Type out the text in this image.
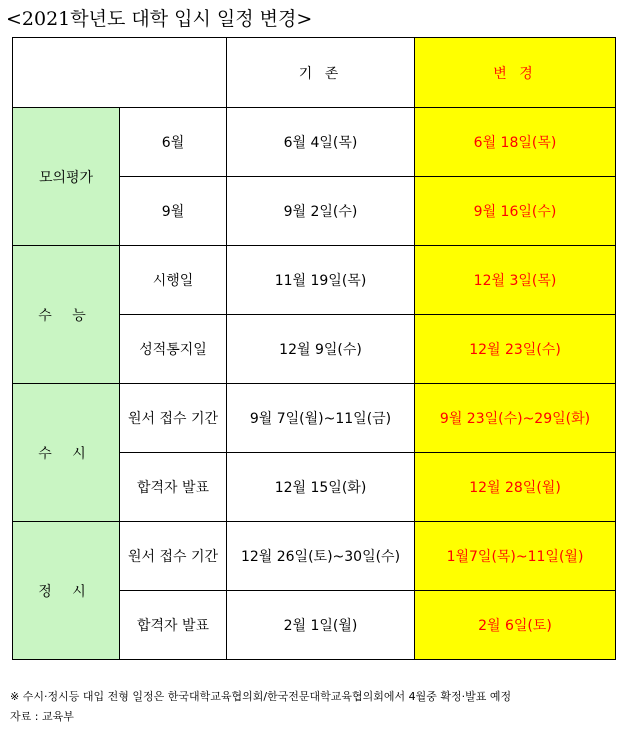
<2021학년도 대학 입시 일정 변경>
		기 존	변 경
모의평가	6월	6월 4일(목)	6월 18일(목)
	9월	9월 2일(수)	9월 16일(수)
수 능	시행일	11월 19일(목)	12월 3일(목)
	성적통지일	12월 9일(수)	12월 23일(수)
수 시	원서 접수 기간	9월 7일(월)~11일(금)	9월 23일(수)~29일(화)
	합격자 발표	12월 15일(화)	12월 28일(월)
정 시	원서 접수 기간	12월 26일(토)~30일(수)	1월7일(목)~11일(월)
	합격자 발표	2월 1일(월)	2월 6일(토)
※ 수시·정시등 대입 전형 일정은 한국대학교육협의회/한국전문대학교육협의회에서 4월중 확정·발표 예정
자료 : 교육부
